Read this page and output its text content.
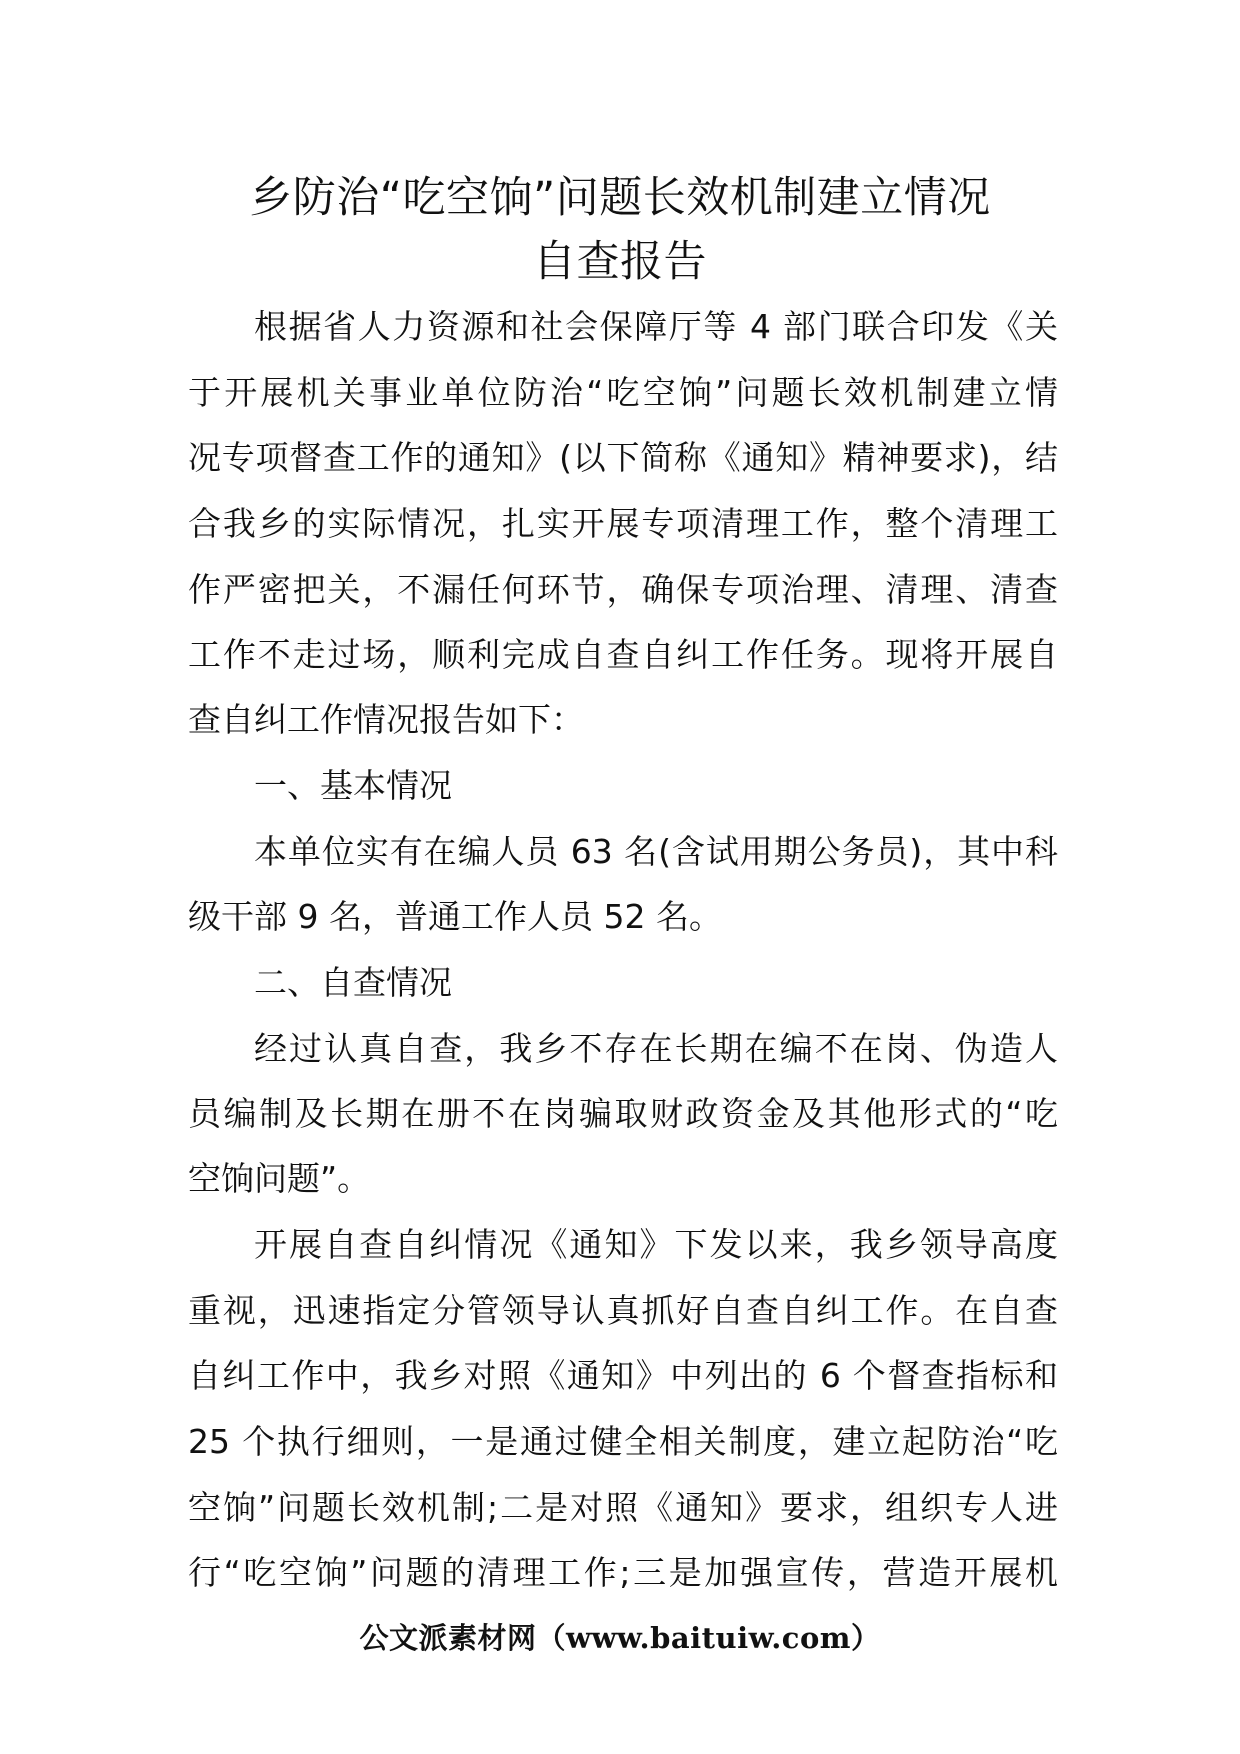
乡防治“吃空饷”问题长效机制建立情况
自查报告
根据省人力资源和社会保障厅等 4 部门联合印发《关
于开展机关事业单位防治“吃空饷”问题长效机制建立情
况专项督查工作的通知》(以下简称《通知》精神要求)，结
合我乡的实际情况，扎实开展专项清理工作，整个清理工
作严密把关，不漏任何环节，确保专项治理、清理、清查
工作不走过场，顺利完成自查自纠工作任务。现将开展自
查自纠工作情况报告如下：
一、基本情况
本单位实有在编人员 63 名(含试用期公务员)，其中科
级干部 9 名，普通工作人员 52 名。
二、自查情况
经过认真自查，我乡不存在长期在编不在岗、伪造人
员编制及长期在册不在岗骗取财政资金及其他形式的“吃
空饷问题”。
开展自查自纠情况《通知》下发以来，我乡领导高度
重视，迅速指定分管领导认真抓好自查自纠工作。在自查
自纠工作中，我乡对照《通知》中列出的 6 个督查指标和
25 个执行细则，一是通过健全相关制度，建立起防治“吃
空饷”问题长效机制;二是对照《通知》要求，组织专人进
行“吃空饷”问题的清理工作;三是加强宣传，营造开展机
公文派素材网（www.baituiw.com）
